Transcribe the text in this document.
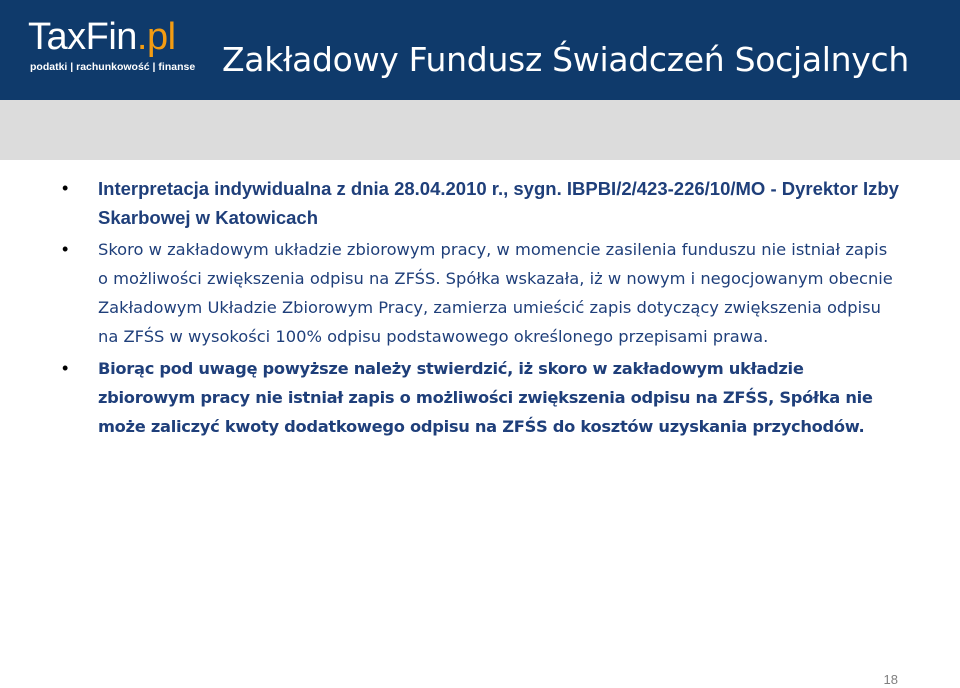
TaxFin.pl
podatki | rachunkowość | finanse Zakładowy Fundusz Świadczeń Socjalnych
• Interpretacja indywidualna z dnia 28.04.2010 r., sygn. IBPBI/2/423-226/10/MO - Dyrektor Izby Skarbowej w Katowicach
• Skoro w zakładowym układzie zbiorowym pracy, w momencie zasilenia funduszu nie istniał zapis o możliwości zwiększenia odpisu na ZFŚS. Spółka wskazała, iż w nowym i negocjowanym obecnie Zakładowym Układzie Zbiorowym Pracy, zamierza umieścić zapis dotyczący zwiększenia odpisu na ZFŚS w wysokości 100% odpisu podstawowego określonego przepisami prawa.
• Biorąc pod uwagę powyższe należy stwierdzić, iż skoro w zakładowym układzie zbiorowym pracy nie istniał zapis o możliwości zwiększenia odpisu na ZFŚS, Spółka nie może zaliczyć kwoty dodatkowego odpisu na ZFŚS do kosztów uzyskania przychodów.
18
